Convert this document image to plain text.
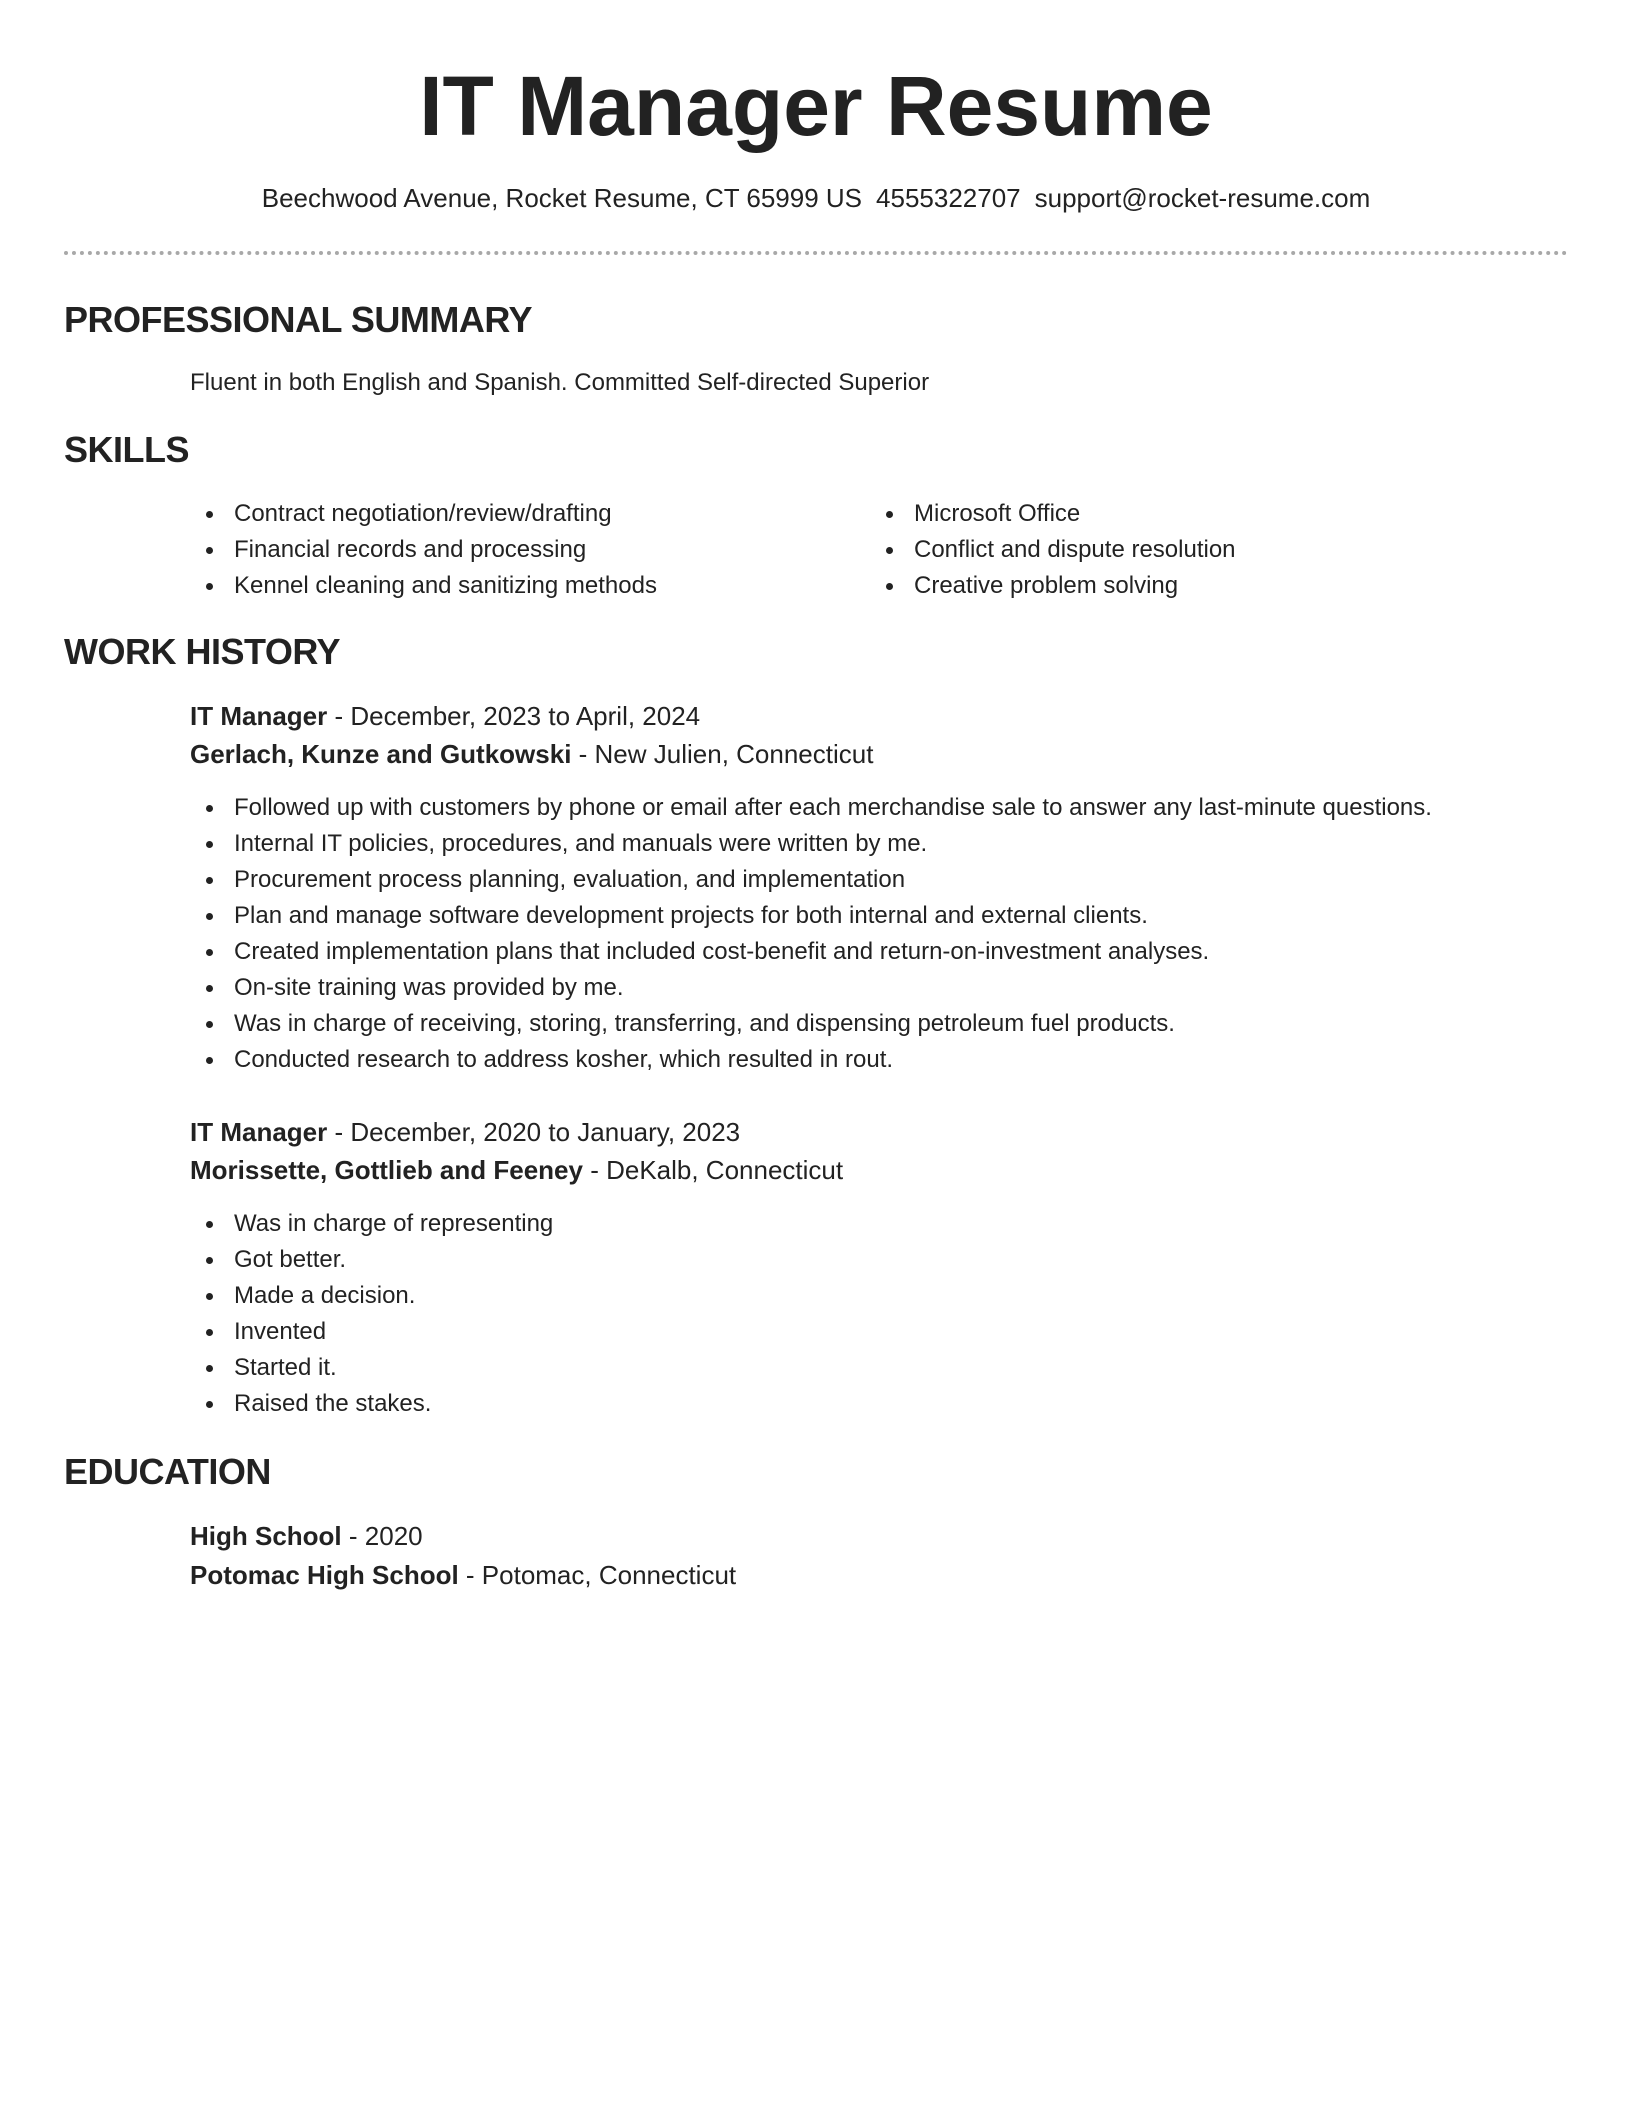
IT Manager Resume
Beechwood Avenue, Rocket Resume, CT 65999 US 4555322707 support@rocket-resume.com
PROFESSIONAL SUMMARY
Fluent in both English and Spanish. Committed Self-directed Superior
SKILLS
Contract negotiation/review/drafting
Financial records and processing
Kennel cleaning and sanitizing methods
Microsoft Office
Conflict and dispute resolution
Creative problem solving
WORK HISTORY
IT Manager - December, 2023 to April, 2024
Gerlach, Kunze and Gutkowski - New Julien, Connecticut
Followed up with customers by phone or email after each merchandise sale to answer any last-minute questions.
Internal IT policies, procedures, and manuals were written by me.
Procurement process planning, evaluation, and implementation
Plan and manage software development projects for both internal and external clients.
Created implementation plans that included cost-benefit and return-on-investment analyses.
On-site training was provided by me.
Was in charge of receiving, storing, transferring, and dispensing petroleum fuel products.
Conducted research to address kosher, which resulted in rout.
IT Manager - December, 2020 to January, 2023
Morissette, Gottlieb and Feeney - DeKalb, Connecticut
Was in charge of representing
Got better.
Made a decision.
Invented
Started it.
Raised the stakes.
EDUCATION
High School - 2020
Potomac High School - Potomac, Connecticut
